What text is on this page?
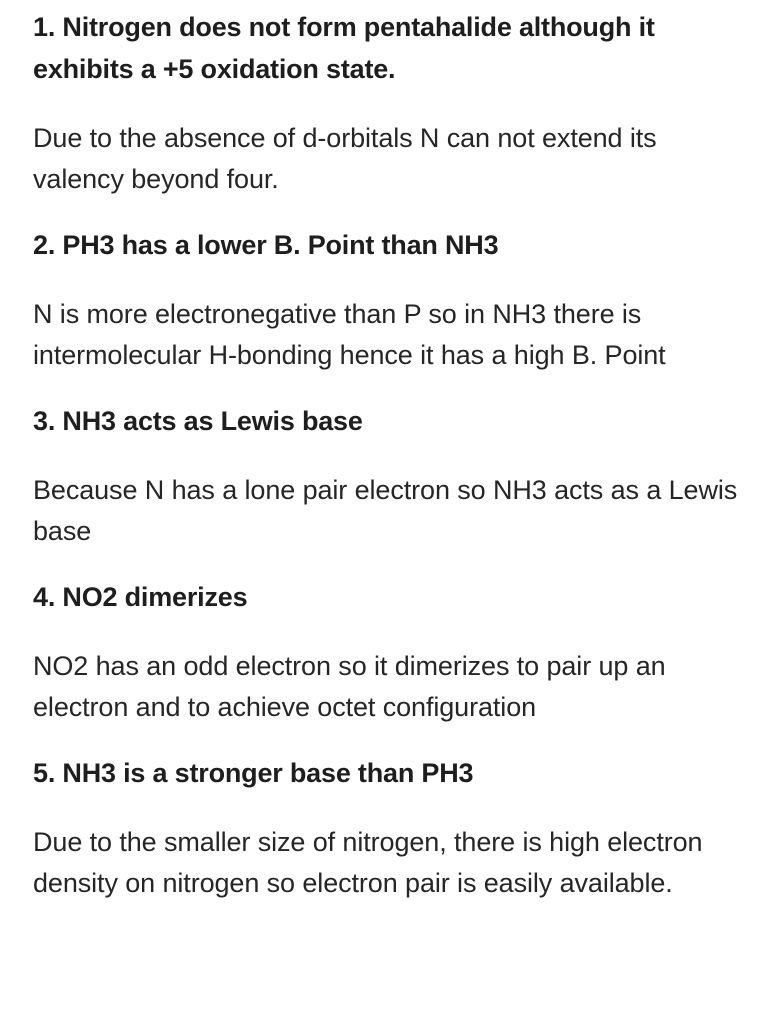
1. Nitrogen does not form pentahalide although it exhibits a +5 oxidation state.

Due to the absence of d-orbitals N can not extend its valency beyond four.

2. PH3 has a lower B. Point than NH3

N is more electronegative than P so in NH3 there is intermolecular H-bonding hence it has a high B. Point

3. NH3 acts as Lewis base

Because N has a lone pair electron so NH3 acts as a Lewis base

4. NO2 dimerizes

NO2 has an odd electron so it dimerizes to pair up an electron and to achieve octet configuration

5. NH3 is a stronger base than PH3

Due to the smaller size of nitrogen, there is high electron density on nitrogen so electron pair is easily available.
